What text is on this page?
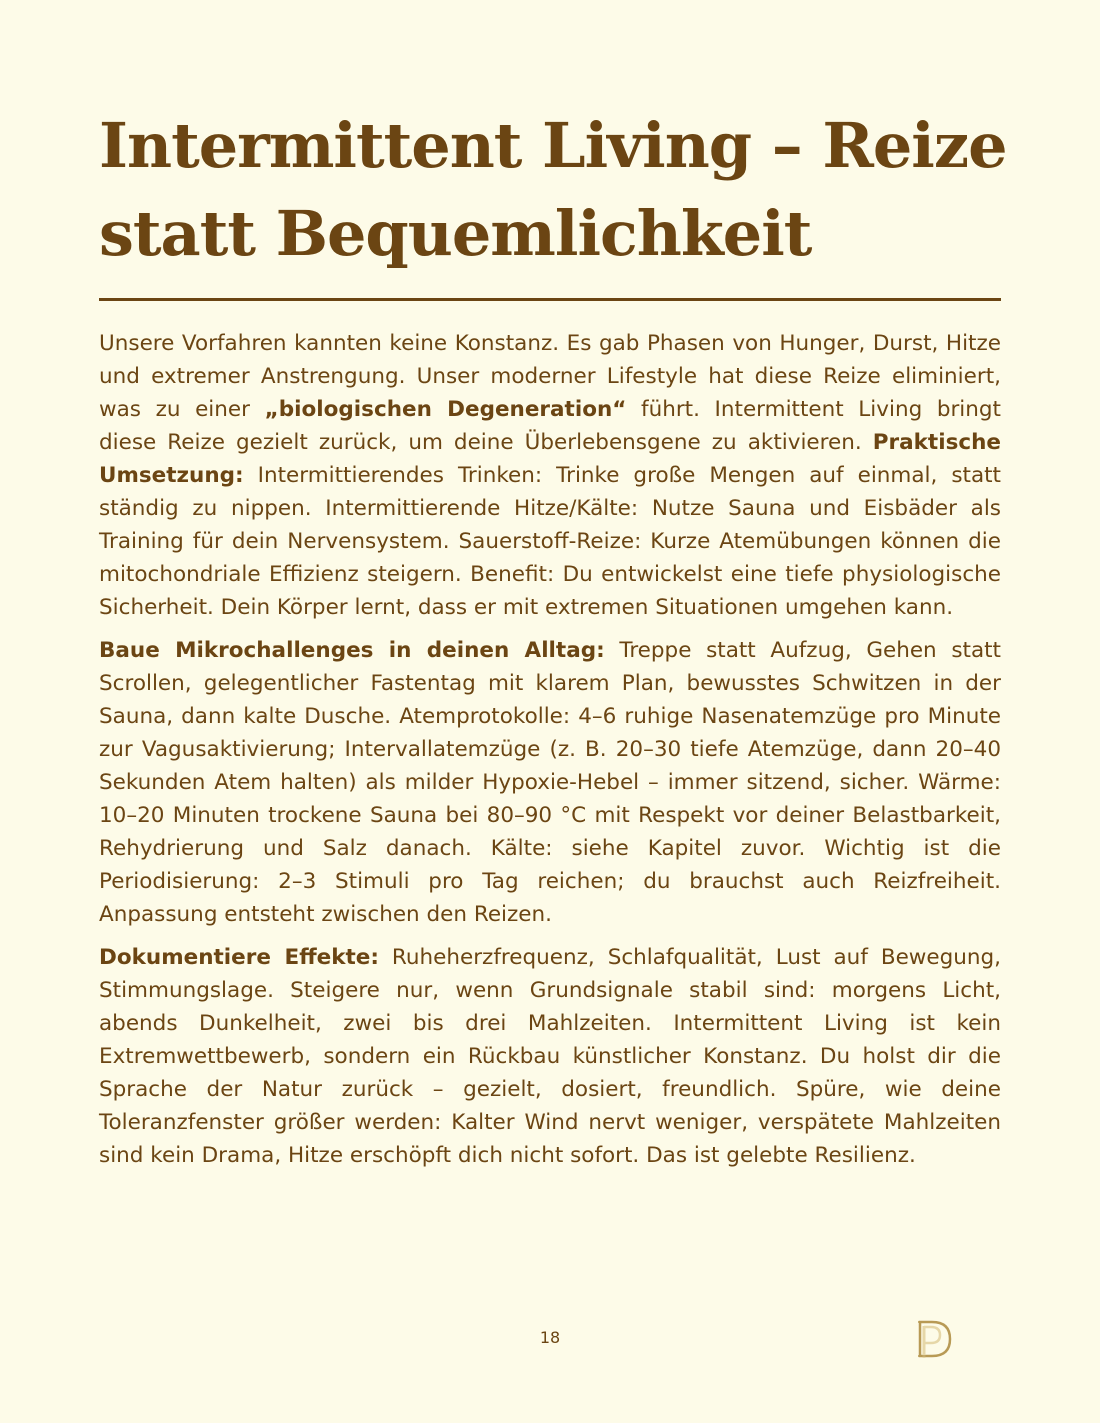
Intermittent Living – Reize statt Bequemlichkeit

Unsere Vorfahren kannten keine Konstanz. Es gab Phasen von Hunger, Durst, Hitze und extremer Anstrengung. Unser moderner Lifestyle hat diese Reize eliminiert, was zu einer „biologischen Degeneration“ führt. Intermittent Living bringt diese Reize gezielt zurück, um deine Überlebensgene zu aktivieren. Praktische Umsetzung: Intermittierendes Trinken: Trinke große Mengen auf einmal, statt ständig zu nippen. Intermittierende Hitze/Kälte: Nutze Sauna und Eisbäder als Training für dein Nervensystem. Sauerstoff-Reize: Kurze Atemübungen können die mitochondriale Effizienz steigern. Benefit: Du entwickelst eine tiefe physiologische Sicherheit. Dein Körper lernt, dass er mit extremen Situationen umgehen kann.

Baue Mikrochallenges in deinen Alltag: Treppe statt Aufzug, Gehen statt Scrollen, gelegentlicher Fastentag mit klarem Plan, bewusstes Schwitzen in der Sauna, dann kalte Dusche. Atemprotokolle: 4–6 ruhige Nasenatemzüge pro Minute zur Vagusaktivierung; Intervallatemzüge (z. B. 20–30 tiefe Atemzüge, dann 20–40 Sekunden Atem halten) als milder Hypoxie-Hebel – immer sitzend, sicher. Wärme: 10–20 Minuten trockene Sauna bei 80–90 °C mit Respekt vor deiner Belastbarkeit, Rehydrierung und Salz danach. Kälte: siehe Kapitel zuvor. Wichtig ist die Periodisierung: 2–3 Stimuli pro Tag reichen; du brauchst auch Reizfreiheit. Anpassung entsteht zwischen den Reizen.

Dokumentiere Effekte: Ruheherzfrequenz, Schlafqualität, Lust auf Bewegung, Stimmungslage. Steigere nur, wenn Grundsignale stabil sind: morgens Licht, abends Dunkelheit, zwei bis drei Mahlzeiten. Intermittent Living ist kein Extremwettbewerb, sondern ein Rückbau künstlicher Konstanz. Du holst dir die Sprache der Natur zurück – gezielt, dosiert, freundlich. Spüre, wie deine Toleranzfenster größer werden: Kalter Wind nervt weniger, verspätete Mahlzeiten sind kein Drama, Hitze erschöpft dich nicht sofort. Das ist gelebte Resilienz.

18
